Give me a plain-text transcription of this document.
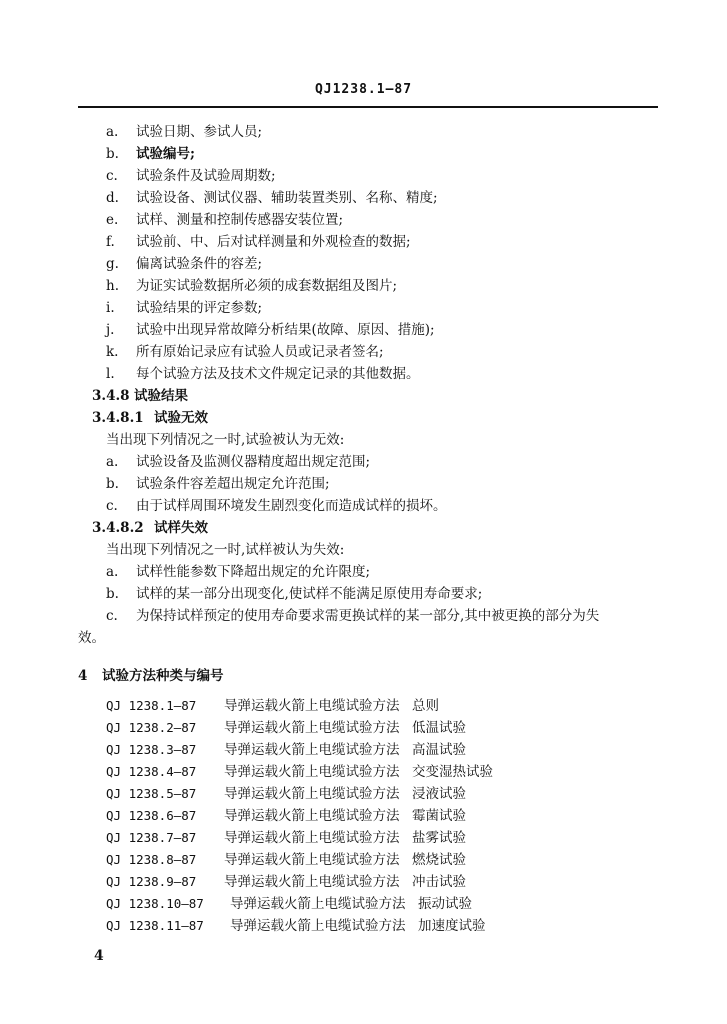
QJ1238.1—87
a. 试验日期、参试人员;
b. 试验编号;
c. 试验条件及试验周期数;
d. 试验设备、测试仪器、辅助装置类别、名称、精度;
e. 试样、测量和控制传感器安装位置;
f. 试验前、中、后对试样测量和外观检查的数据;
g. 偏离试验条件的容差;
h. 为证实试验数据所必须的成套数据组及图片;
i. 试验结果的评定参数;
j. 试验中出现异常故障分析结果(故障、原因、措施);
k. 所有原始记录应有试验人员或记录者签名;
l. 每个试验方法及技术文件规定记录的其他数据。
3.4.8 试验结果
3.4.8.1 试验无效
当出现下列情况之一时,试验被认为无效:
a. 试验设备及监测仪器精度超出规定范围;
b. 试验条件容差超出规定允许范围;
c. 由于试样周围环境发生剧烈变化而造成试样的损坏。
3.4.8.2 试样失效
当出现下列情况之一时,试样被认为失效:
a. 试样性能参数下降超出规定的允许限度;
b. 试样的某一部分出现变化,使试样不能满足原使用寿命要求;
c. 为保持试样预定的使用寿命要求需更换试样的某一部分,其中被更换的部分为失
效。
4 试验方法种类与编号
QJ 1238.1—87 导弹运载火箭上电缆试验方法 总则
QJ 1238.2—87 导弹运载火箭上电缆试验方法 低温试验
QJ 1238.3—87 导弹运载火箭上电缆试验方法 高温试验
QJ 1238.4—87 导弹运载火箭上电缆试验方法 交变湿热试验
QJ 1238.5—87 导弹运载火箭上电缆试验方法 浸液试验
QJ 1238.6—87 导弹运载火箭上电缆试验方法 霉菌试验
QJ 1238.7—87 导弹运载火箭上电缆试验方法 盐雾试验
QJ 1238.8—87 导弹运载火箭上电缆试验方法 燃烧试验
QJ 1238.9—87 导弹运载火箭上电缆试验方法 冲击试验
QJ 1238.10—87 导弹运载火箭上电缆试验方法 振动试验
QJ 1238.11—87 导弹运载火箭上电缆试验方法 加速度试验
4
